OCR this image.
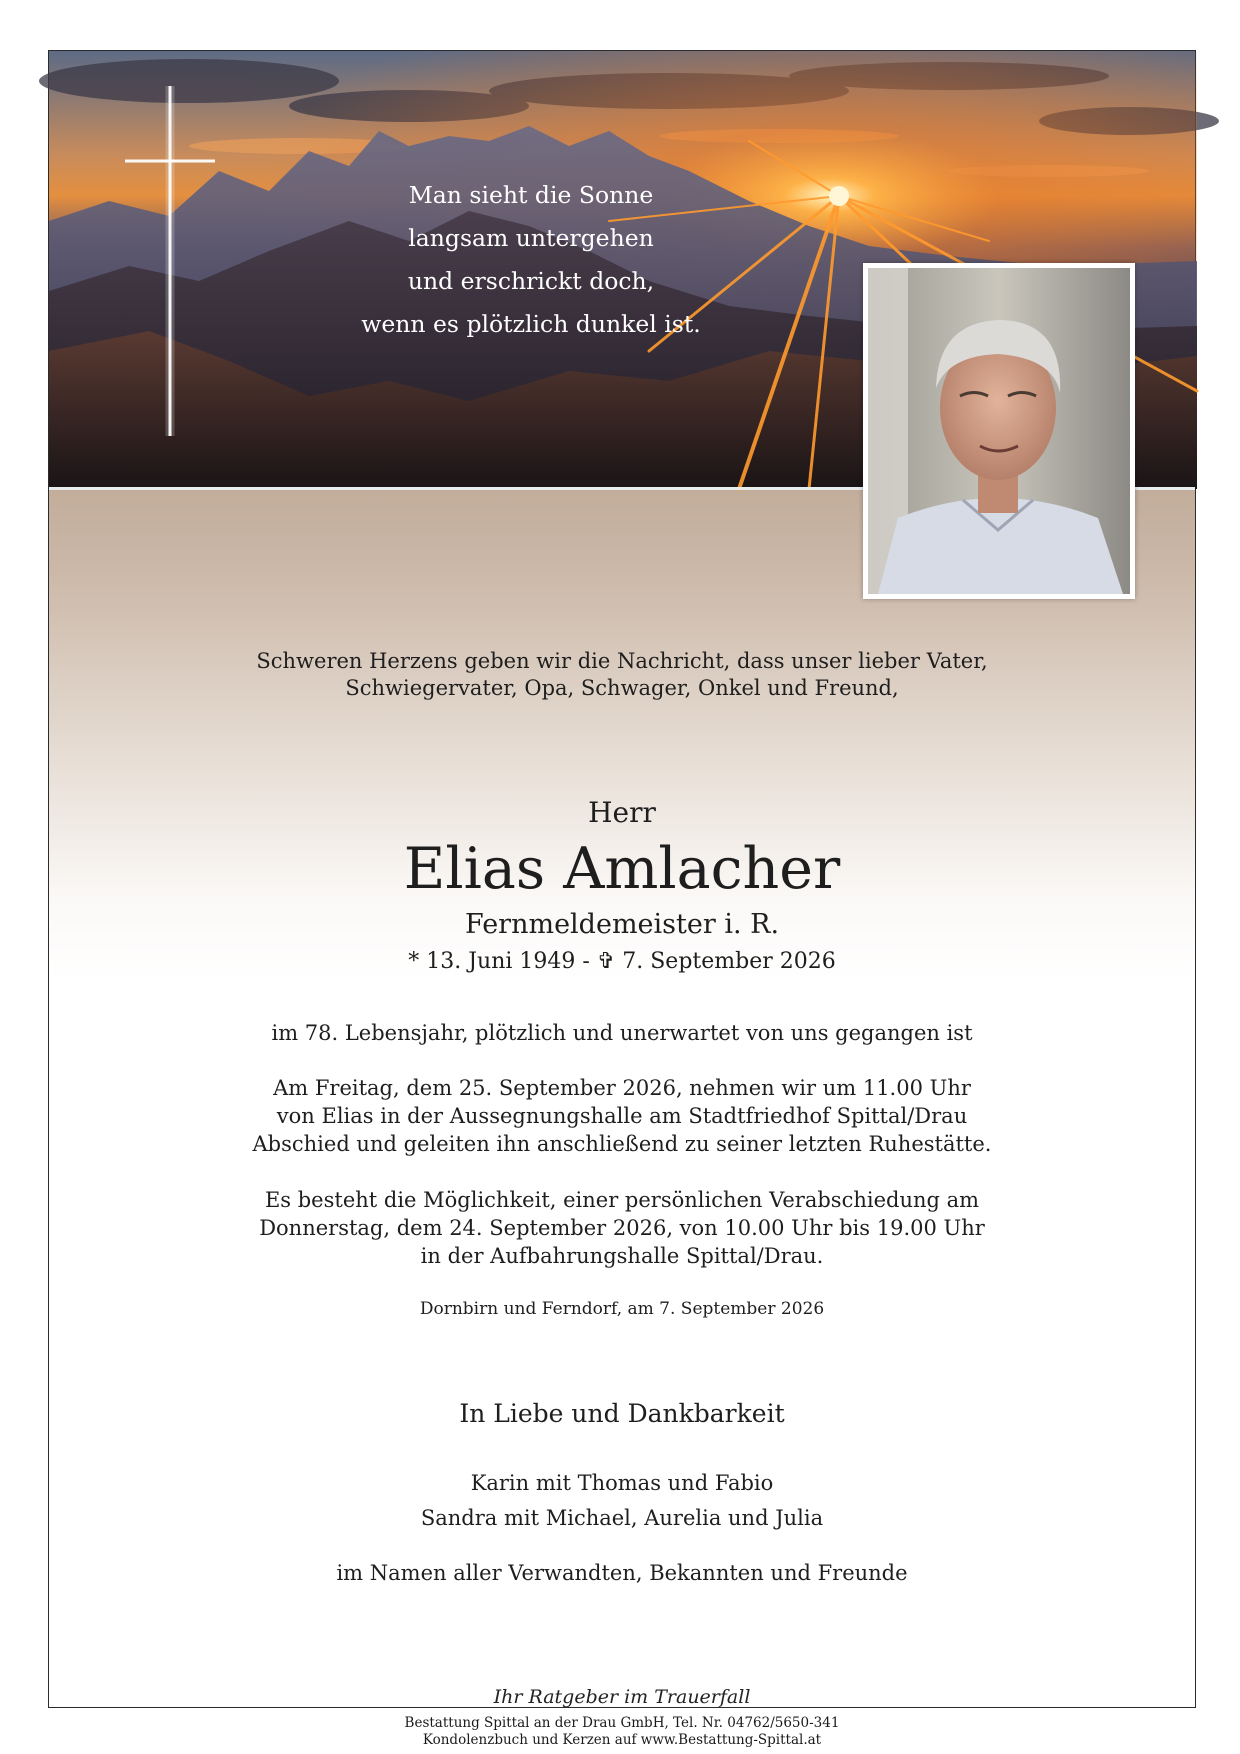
Man sieht die Sonne
langsam untergehen
und erschrickt doch,
wenn es plötzlich dunkel ist.
Schweren Herzens geben wir die Nachricht, dass unser lieber Vater,
Schwiegervater, Opa, Schwager, Onkel und Freund,
Herr
Elias Amlacher
Fernmeldemeister i. R.
* 13. Juni 1949 - ✞ 7. September 2026
im 78. Lebensjahr, plötzlich und unerwartet von uns gegangen ist
Am Freitag, dem 25. September 2026, nehmen wir um 11.00 Uhr
von Elias in der Aussegnungshalle am Stadtfriedhof Spittal/Drau
Abschied und geleiten ihn anschließend zu seiner letzten Ruhestätte.
Es besteht die Möglichkeit, einer persönlichen Verabschiedung am
Donnerstag, dem 24. September 2026, von 10.00 Uhr bis 19.00 Uhr
in der Aufbahrungshalle Spittal/Drau.
Dornbirn und Ferndorf, am 7. September 2026
In Liebe und Dankbarkeit
Karin mit Thomas und Fabio
Sandra mit Michael, Aurelia und Julia
im Namen aller Verwandten, Bekannten und Freunde
Ihr Ratgeber im Trauerfall
Bestattung Spittal an der Drau GmbH, Tel. Nr. 04762/5650-341
Kondolenzbuch und Kerzen auf www.Bestattung-Spittal.at
